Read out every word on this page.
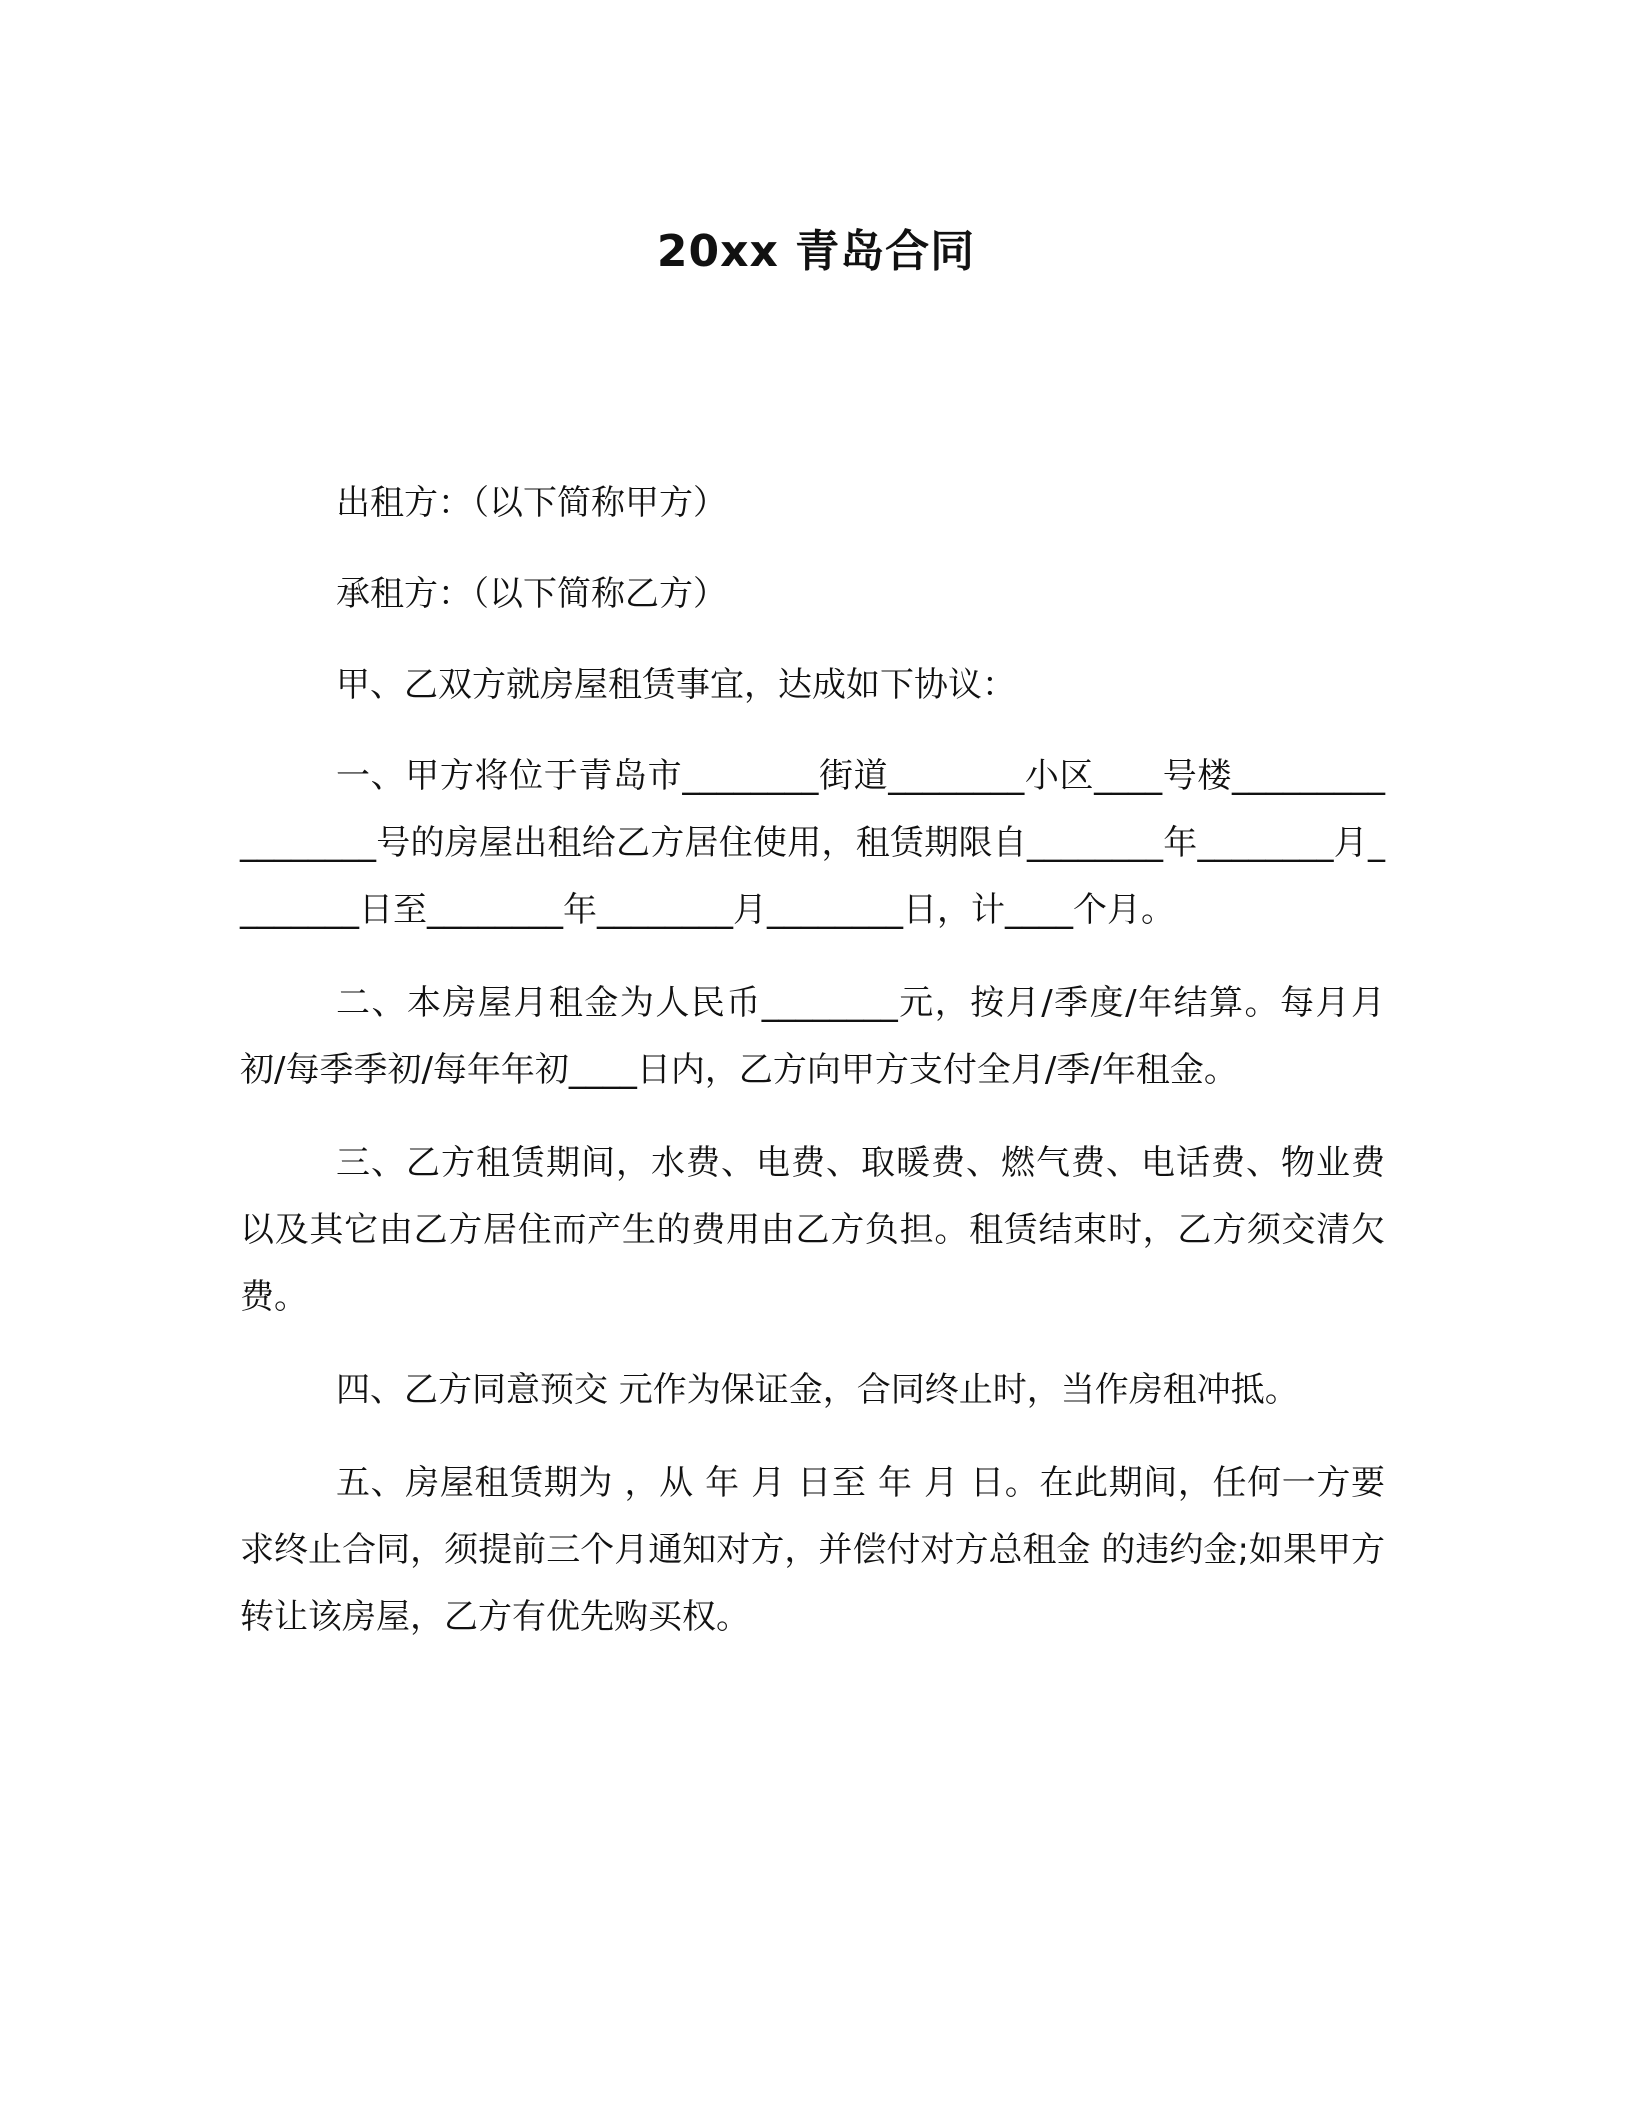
20xx 青岛合同

出租方：（以下简称甲方）

承租方：（以下简称乙方）

甲、乙双方就房屋租赁事宜，达成如下协议：

一、甲方将位于青岛市________街道________小区____号楼_________________号的房屋出租给乙方居住使用，租赁期限自________年________月________日至________年________月________日，计____个月。

二、本房屋月租金为人民币________元，按月/季度/年结算。每月月初/每季季初/每年年初____日内，乙方向甲方支付全月/季/年租金。

三、乙方租赁期间，水费、电费、取暖费、燃气费、电话费、物业费以及其它由乙方居住而产生的费用由乙方负担。租赁结束时，乙方须交清欠费。

四、乙方同意预交 元作为保证金，合同终止时，当作房租冲抵。

五、房屋租赁期为 ，从 年 月 日至 年 月 日。在此期间，任何一方要求终止合同，须提前三个月通知对方，并偿付对方总租金 的违约金;如果甲方转让该房屋，乙方有优先购买权。
